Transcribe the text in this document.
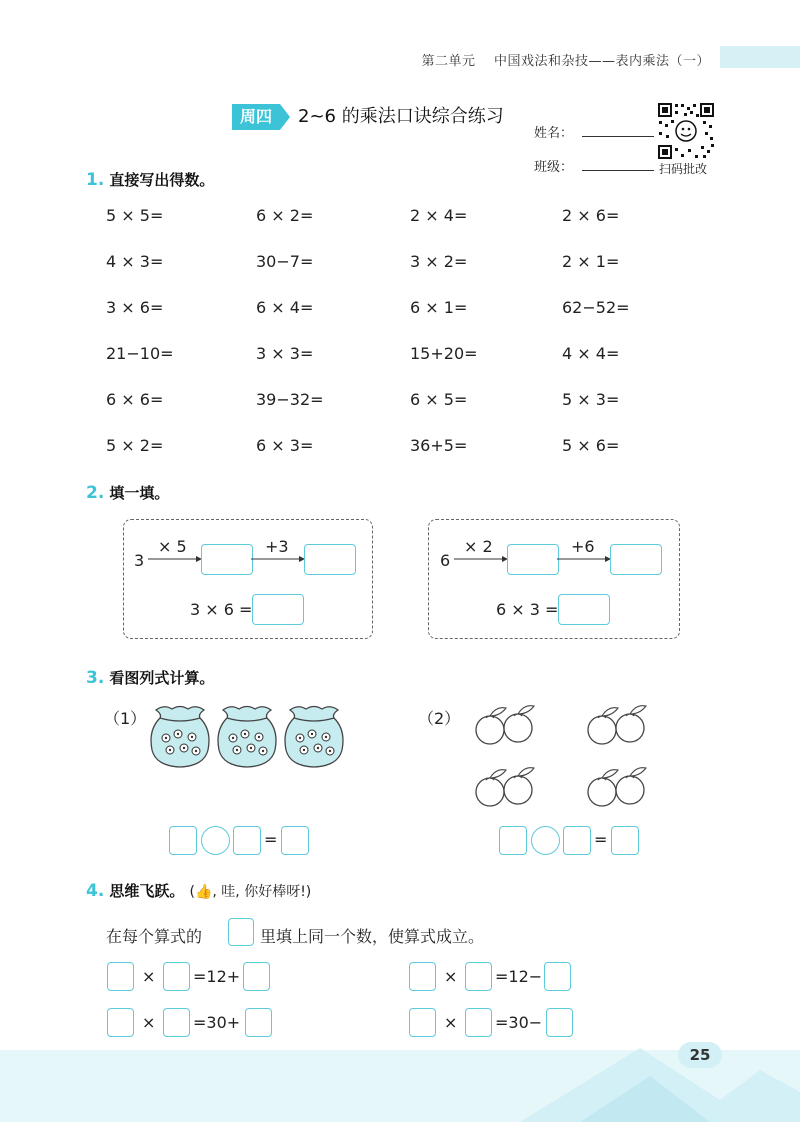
第二单元 中国戏法和杂技——表内乘法（一）
周四	2~6 的乘法口诀综合练习
姓名：
班级：	扫码批改
1. 直接写出得数。
5 × 5=	6 × 2=	2 × 4=	2 × 6=
4 × 3=	30−7=	3 × 2=	2 × 1=
3 × 6=	6 × 4=	6 × 1=	62−52=
21−10=	3 × 3=	15+20=	4 × 4=
6 × 6=	39−32=	6 × 5=	5 × 3=
5 × 2=	6 × 3=	36+5=	5 × 6=
2. 填一填。
3
× 5	+3
3 × 6 =
6
× 2	+6
6 × 3 =
3. 看图列式计算。
（1）	（2）
=	=
4. 思维飞跃。 (👍, 哇, 你好棒呀!)
在每个算式的	里填上同一个数，使算式成立。
× =12+	× =12−
× =30+	× =30−
25
